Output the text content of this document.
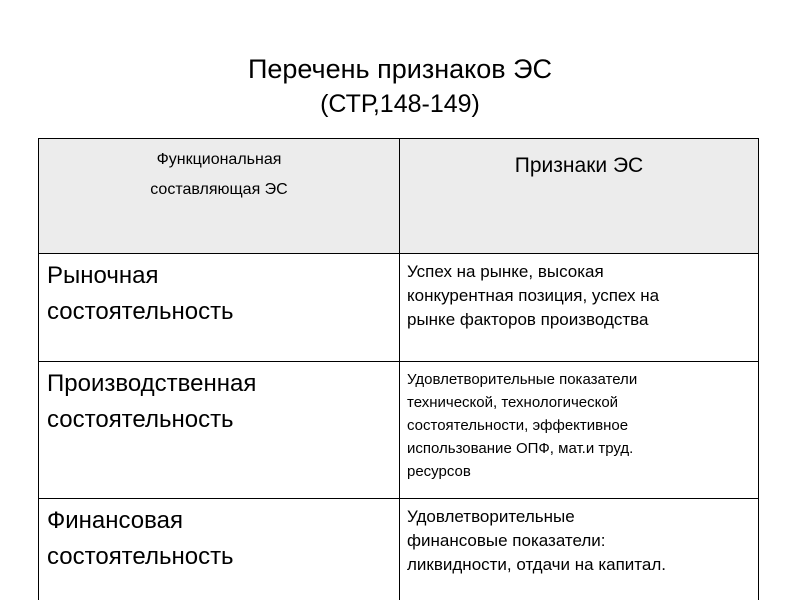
Перечень признаков ЭС
(СТР,148-149)
Функциональная
составляющая ЭС	Признаки ЭС

Рыночная
состоятельность	Успех на рынке, высокая
конкурентная позиция, успех на
рынке факторов производства

Производственная
состоятельность	Удовлетворительные показатели
технической, технологической
состоятельности, эффективное
использование ОПФ, мат.и труд.
ресурсов

Финансовая
состоятельность	Удовлетворительные
финансовые показатели:
ликвидности, отдачи на капитал.
